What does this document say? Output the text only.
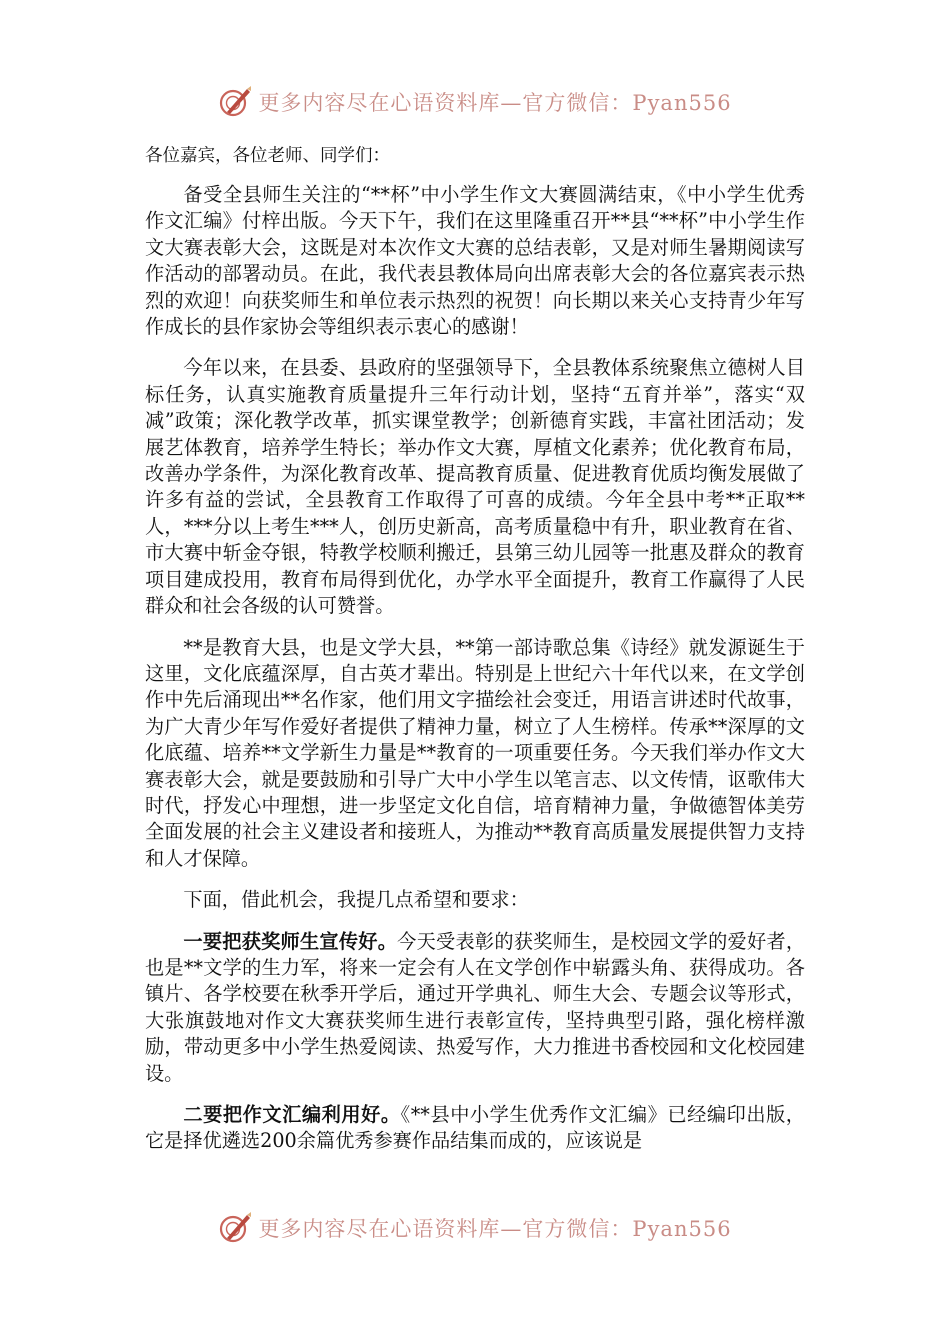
更多内容尽在心语资料库—官方微信：Pyan556

各位嘉宾，各位老师、同学们：

备受全县师生关注的“**杯”中小学生作文大赛圆满结束，《中小学生优秀作文汇编》付梓出版。今天下午，我们在这里隆重召开**县“**杯”中小学生作文大赛表彰大会，这既是对本次作文大赛的总结表彰，又是对师生暑期阅读写作活动的部署动员。在此，我代表县教体局向出席表彰大会的各位嘉宾表示热烈的欢迎！向获奖师生和单位表示热烈的祝贺！向长期以来关心支持青少年写作成长的县作家协会等组织表示衷心的感谢！

今年以来，在县委、县政府的坚强领导下，全县教体系统聚焦立德树人目标任务，认真实施教育质量提升三年行动计划，坚持“五育并举”，落实“双减”政策；深化教学改革，抓实课堂教学；创新德育实践，丰富社团活动；发展艺体教育，培养学生特长；举办作文大赛，厚植文化素养；优化教育布局，改善办学条件，为深化教育改革、提高教育质量、促进教育优质均衡发展做了许多有益的尝试，全县教育工作取得了可喜的成绩。今年全县中考**正取**人，***分以上考生***人，创历史新高，高考质量稳中有升，职业教育在省、市大赛中斩金夺银，特教学校顺利搬迁，县第三幼儿园等一批惠及群众的教育项目建成投用，教育布局得到优化，办学水平全面提升，教育工作赢得了人民群众和社会各级的认可赞誉。

**是教育大县，也是文学大县，**第一部诗歌总集《诗经》就发源诞生于这里，文化底蕴深厚，自古英才辈出。特别是上世纪六十年代以来，在文学创作中先后涌现出**名作家，他们用文字描绘社会变迁，用语言讲述时代故事，为广大青少年写作爱好者提供了精神力量，树立了人生榜样。传承**深厚的文化底蕴、培养**文学新生力量是**教育的一项重要任务。今天我们举办作文大赛表彰大会，就是要鼓励和引导广大中小学生以笔言志、以文传情，讴歌伟大时代，抒发心中理想，进一步坚定文化自信，培育精神力量，争做德智体美劳全面发展的社会主义建设者和接班人，为推动**教育高质量发展提供智力支持和人才保障。

下面，借此机会，我提几点希望和要求：

一要把获奖师生宣传好。今天受表彰的获奖师生，是校园文学的爱好者，也是**文学的生力军，将来一定会有人在文学创作中崭露头角、获得成功。各镇片、各学校要在秋季开学后，通过开学典礼、师生大会、专题会议等形式，大张旗鼓地对作文大赛获奖师生进行表彰宣传，坚持典型引路，强化榜样激励，带动更多中小学生热爱阅读、热爱写作，大力推进书香校园和文化校园建设。

二要把作文汇编利用好。《**县中小学生优秀作文汇编》已经编印出版，它是择优遴选200余篇优秀参赛作品结集而成的，应该说是

更多内容尽在心语资料库—官方微信：Pyan556
